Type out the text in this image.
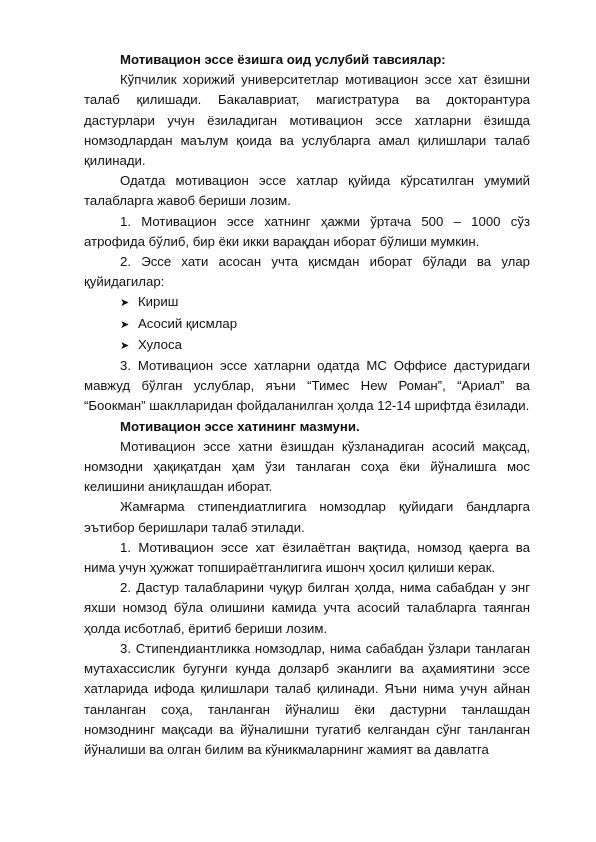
Мотивацион эссе ёзишга оид услубий тавсиялар:

Кўпчилик хорижий университетлар мотивацион эссе хат ёзишни талаб қилишади. Бакалавриат, магистратура ва докторантура дастурлари учун ёзиладиган мотивацион эссе хатларни ёзишда номзодлардан маълум қоида ва услубларга амал қилишлари талаб қилинади.

Одатда мотивацион эссе хатлар қуйида кўрсатилган умумий талабларга жавоб бериши лозим.

1. Мотивацион эссе хатнинг ҳажми ўртача 500 – 1000 сўз атрофида бўлиб, бир ёки икки варақдан иборат бўлиши мумкин.

2. Эссе хати асосан учта қисмдан иборат бўлади ва улар қуйидагилар:

➤ Кириш
➤ Асосий қисмлар
➤ Хулоса

3. Мотивацион эссе хатларни одатда МС Оффисе дастуридаги мавжуд бўлган услублар, яъни “Тимес Нew Роман”, “Ариал” ва “Боокман” шаклларидан фойдаланилган ҳолда 12-14 шрифтда ёзилади.

Мотивацион эссе хатининг мазмуни.

Мотивацион эссе хатни ёзишдан кўзланадиган асосий мақсад, номзодни ҳақиқатдан ҳам ўзи танлаган соҳа ёки йўналишга мос келишини аниқлашдан иборат.

Жамғарма стипендиатлигига номзодлар қуйидаги бандларга эътибор беришлари талаб этилади.

1. Мотивацион эссе хат ёзилаётган вақтида, номзод қаерга ва нима учун ҳужжат топшираётганлигига ишонч ҳосил қилиши керак.

2. Дастур талабларини чуқур билган ҳолда, нима сабабдан у энг яхши номзод бўла олишини камида учта асосий талабларга таянган ҳолда исботлаб, ёритиб бериши лозим.

3. Стипендиантликка номзодлар, нима сабабдан ўзлари танлаган мутахассислик бугунги кунда долзарб эканлиги ва аҳамиятини эссе хатларида ифода қилишлари талаб қилинади. Яъни нима учун айнан танланган соҳа, танланган йўналиш ёки дастурни танлашдан номзоднинг мақсади ва йўналишни тугатиб келгандан сўнг танланган йўналиши ва олган билим ва кўникмаларнинг жамият ва давлатга
